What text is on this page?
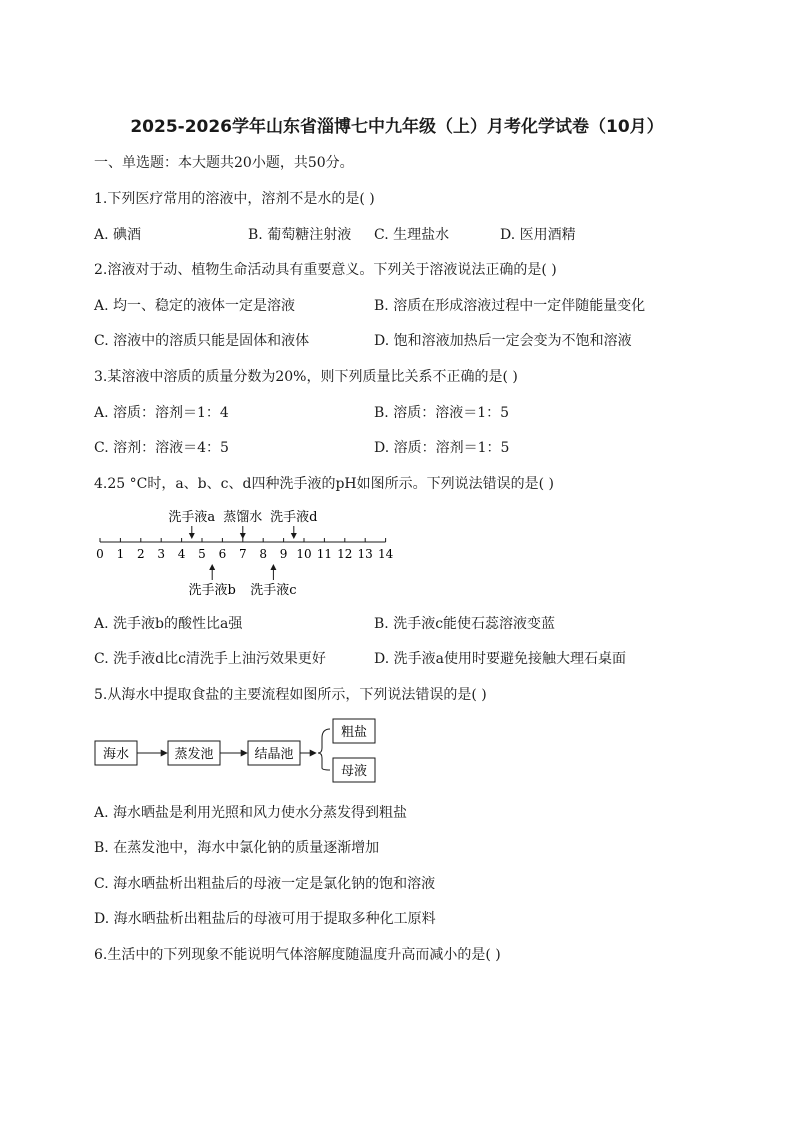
2025-2026学年山东省淄博七中九年级（上）月考化学试卷（10月）
一、单选题：本大题共20小题，共50分。
1.下列医疗常用的溶液中，溶剂不是水的是( )
A. 碘酒	B. 葡萄糖注射液 C. 生理盐水	D. 医用酒精
2.溶液对于动、植物生命活动具有重要意义。下列关于溶液说法正确的是( )
A. 均一、稳定的液体一定是溶液	B. 溶质在形成溶液过程中一定伴随能量变化
C. 溶液中的溶质只能是固体和液体	D. 饱和溶液加热后一定会变为不饱和溶液
3.某溶液中溶质的质量分数为20%，则下列质量比关系不正确的是( )
A. 溶质：溶剂＝1：4	B. 溶质：溶液＝1：5
C. 溶剂：溶液＝4：5	D. 溶质：溶剂＝1：5
4.25 °C时，a、b、c、d四种洗手液的pH如图所示。下列说法错误的是( )
0 1 2 3 4 5 6 7 8 9 10 11 12 13 14
洗手液a 蒸馏水 洗手液d
洗手液b 洗手液c
A. 洗手液b的酸性比a强	B. 洗手液c能使石蕊溶液变蓝
C. 洗手液d比c清洗手上油污效果更好	D. 洗手液a使用时要避免接触大理石桌面
5.从海水中提取食盐的主要流程如图所示，下列说法错误的是( )
海水	蒸发池	结晶池
粗盐
母液
A. 海水晒盐是利用光照和风力使水分蒸发得到粗盐
B. 在蒸发池中，海水中氯化钠的质量逐渐增加
C. 海水晒盐析出粗盐后的母液一定是氯化钠的饱和溶液
D. 海水晒盐析出粗盐后的母液可用于提取多种化工原料
6.生活中的下列现象不能说明气体溶解度随温度升高而减小的是( )
